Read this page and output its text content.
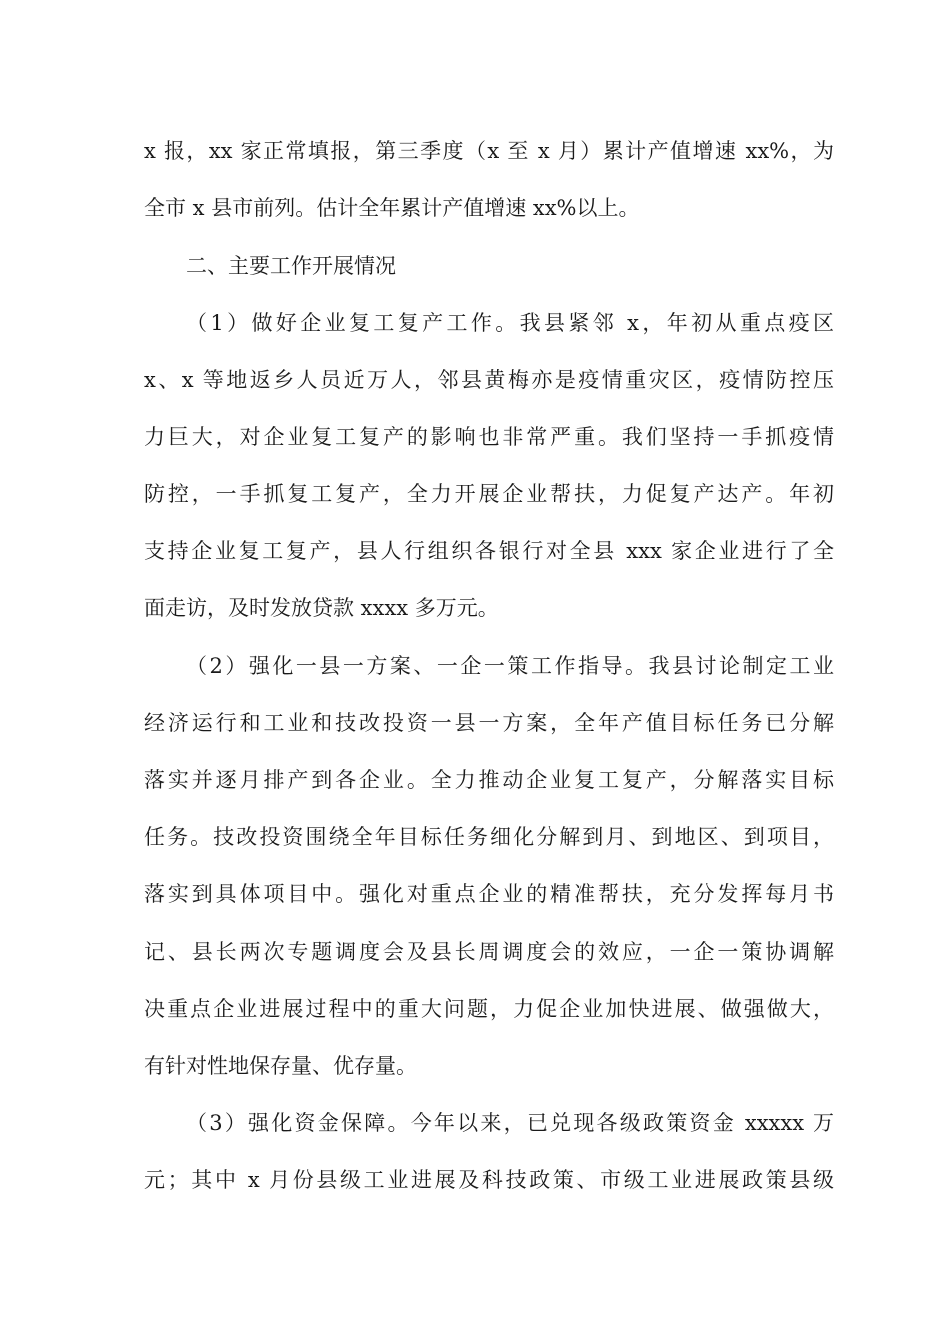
x 报，xx 家正常填报，第三季度（x 至 x 月）累计产值增速 xx%，为
全市 x 县市前列。估计全年累计产值增速 xx%以上。
二、主要工作开展情况
（1）做好企业复工复产工作。我县紧邻 x，年初从重点疫区
x、x 等地返乡人员近万人，邻县黄梅亦是疫情重灾区，疫情防控压
力巨大，对企业复工复产的影响也非常严重。我们坚持一手抓疫情
防控，一手抓复工复产，全力开展企业帮扶，力促复产达产。年初
支持企业复工复产，县人行组织各银行对全县 xxx 家企业进行了全
面走访，及时发放贷款 xxxx 多万元。
（2）强化一县一方案、一企一策工作指导。我县讨论制定工业
经济运行和工业和技改投资一县一方案，全年产值目标任务已分解
落实并逐月排产到各企业。全力推动企业复工复产，分解落实目标
任务。技改投资围绕全年目标任务细化分解到月、到地区、到项目，
落实到具体项目中。强化对重点企业的精准帮扶，充分发挥每月书
记、县长两次专题调度会及县长周调度会的效应，一企一策协调解
决重点企业进展过程中的重大问题，力促企业加快进展、做强做大，
有针对性地保存量、优存量。
（3）强化资金保障。今年以来，已兑现各级政策资金 xxxxx 万
元；其中 x 月份县级工业进展及科技政策、市级工业进展政策县级
